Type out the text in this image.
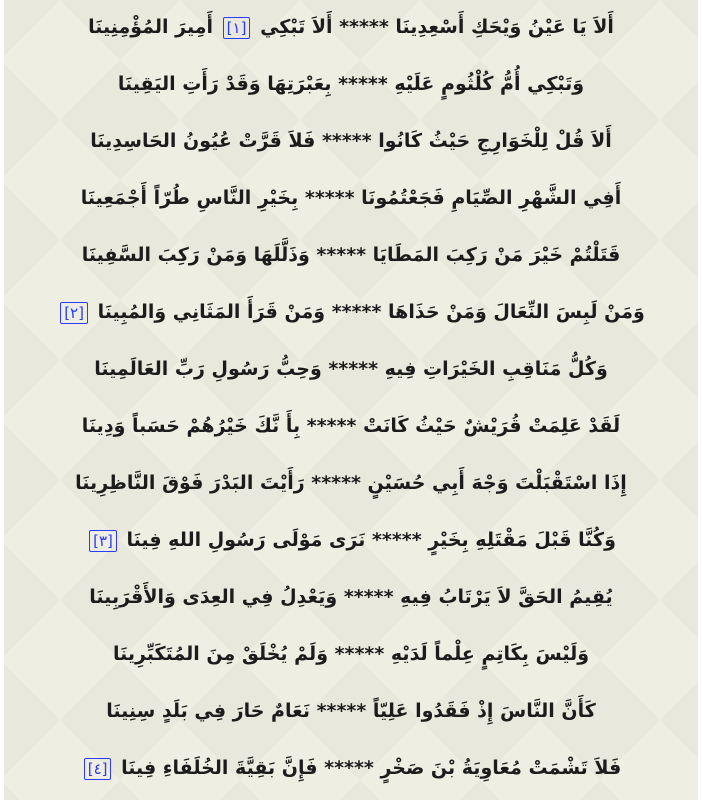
أَلاَ يَا عَيْنُ وَيْحَكِ أَسْعِدِينَا ***** أَلاَ تَبْكِي [١] أَمِيرَ المُؤْمِنِينَا
وَتَبْكِي أُمُّ كُلْثُومٍ عَلَيْهِ ***** بِعَبْرَتِهَا وَقَدْ رَأَتِ اليَقِينَا
أَلاَ قُلْ لِلْخَوَارِجِ حَيْثُ كَانُوا ***** فَلاَ قَرَّتْ عُيُونُ الحَاسِدِينَا
أَفِي الشَّهْرِ الصِّيَامِ فَجَعْتُمُونَا ***** بِخَيْرِ النَّاسِ طُرّاً أَجْمَعِينَا
قَتَلْتُمْ خَيْرَ مَنْ رَكِبَ المَطَايَا ***** وَذَلَّلَهَا وَمَنْ رَكِبَ السَّفِينَا
وَمَنْ لَبِسَ النِّعَالَ وَمَنْ حَذَاهَا ***** وَمَنْ قَرَأَ المَثَانِي وَالمُبِينَا [٢]
وَكُلُّ مَنَاقِبِ الخَيْرَاتِ فِيهِ ***** وَحِبُّ رَسُولِ رَبِّ العَالَمِينَا
لَقَدْ عَلِمَتْ قُرَيْشٌ حَيْثُ كَانَتْ ***** بِأَ نَّكَ خَيْرُهُمْ حَسَباً وَدِينَا
إِذَا اسْتَقْبَلْتَ وَجْهَ أَبِي حُسَيْنٍ ***** رَأَيْتَ البَدْرَ فَوْقَ النَّاظِرِينَا
وَكُنَّا قَبْلَ مَقْتَلِهِ بِخَيْرٍ ***** نَرَى مَوْلَى رَسُولِ اللهِ فِينَا [٣]
يُقِيمُ الحَقَّ لاَ يَرْتَابُ فِيهِ ***** وَيَعْدِلُ فِي العِدَى وَالأَقْرَبِينَا
وَلَيْسَ بِكَاتِمٍ عِلْماً لَدَيْهِ ***** وَلَمْ يُخْلَقْ مِنَ المُتَكَبِّرِينَا
كَأَنَّ النَّاسَ إِذْ فَقَدُوا عَلِيّاً ***** نَعَامٌ حَارَ فِي بَلَدٍ سِنِينَا
فَلاَ تَشْمَتْ مُعَاوِيَةُ بْنَ صَخْرٍ ***** فَإِنَّ بَقِيَّةَ الخُلَفَاءِ فِينَا [٤]
